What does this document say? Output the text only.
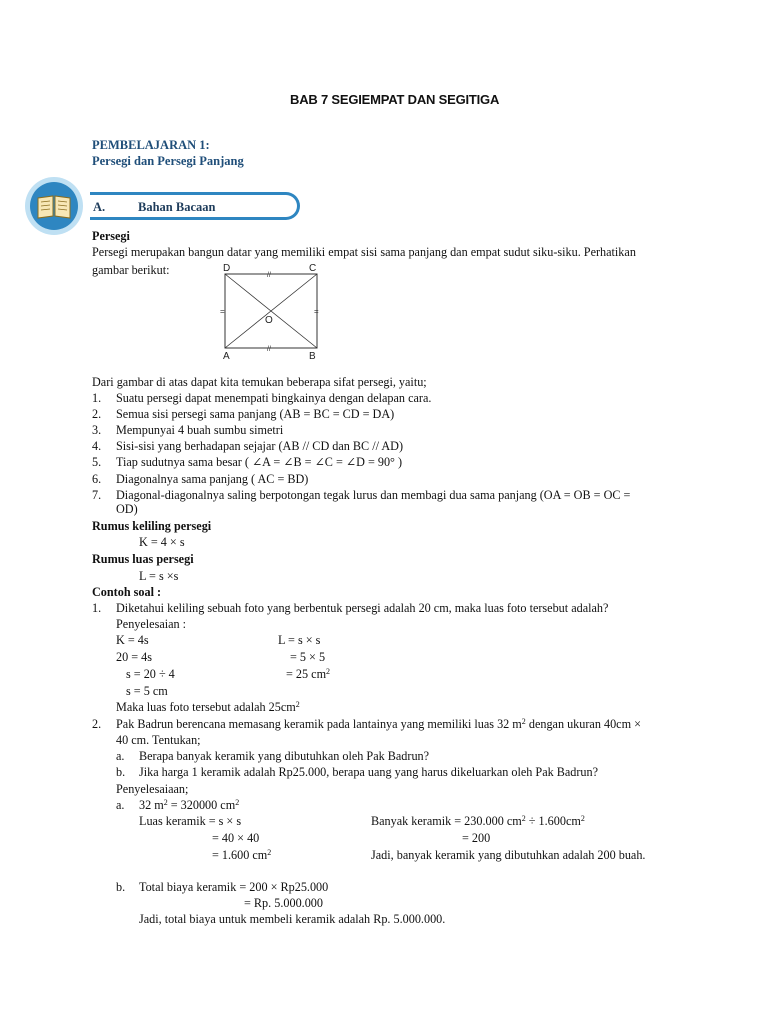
BAB 7 SEGIEMPAT DAN SEGITIGA
PEMBELAJARAN 1:
Persegi dan Persegi Panjang
A.	Bahan Bacaan
Persegi
Persegi merupakan bangun datar yang memiliki empat sisi sama panjang dan empat sudut siku-siku. Perhatikan
gambar berikut:	D	C
A	B
O
//
//
=	=
Dari gambar di atas dapat kita temukan beberapa sifat persegi, yaitu;
1. Suatu persegi dapat menempati bingkainya dengan delapan cara.
2. Semua sisi persegi sama panjang (AB = BC = CD = DA)
3. Mempunyai 4 buah sumbu simetri
4. Sisi-sisi yang berhadapan sejajar (AB // CD dan BC // AD)
5. Tiap sudutnya sama besar ( ∠A = ∠B = ∠C = ∠D = 90° )
6. Diagonalnya sama panjang ( AC = BD)
7. Diagonal-diagonalnya saling berpotongan tegak lurus dan membagi dua sama panjang (OA = OB = OC =
OD)
Rumus keliling persegi
K = 4 × s
Rumus luas persegi
L = s ×s
Contoh soal :
1. Diketahui keliling sebuah foto yang berbentuk persegi adalah 20 cm, maka luas foto tersebut adalah?
Penyelesaian :
K = 4s
20 = 4s
s = 20 ÷ 4
s = 5 cm
L = s × s
= 5 × 5
= 25 $cm^2$
Maka luas foto tersebut adalah $25cm^2$
2. Pak Badrun berencana memasang keramik pada lantainya yang memiliki luas 32 $m^2$ dengan ukuran 40cm ×
40 cm. Tentukan;
a. Berapa banyak keramik yang dibutuhkan oleh Pak Badrun?
b. Jika harga 1 keramik adalah Rp25.000, berapa uang yang harus dikeluarkan oleh Pak Badrun?
Penyelesaiaan;
a. 32 $m^2 = 320000$ $cm^2$
Luas keramik = s × s
= 40 × 40
= 1.600 $cm^2$
Banyak keramik = 230.000 $cm^2 \div 1.600cm^2$
= 200
Jadi, banyak keramik yang dibutuhkan adalah 200 buah.
b. Total biaya keramik = 200 × Rp25.000
= Rp. 5.000.000
Jadi, total biaya untuk membeli keramik adalah Rp. 5.000.000.
